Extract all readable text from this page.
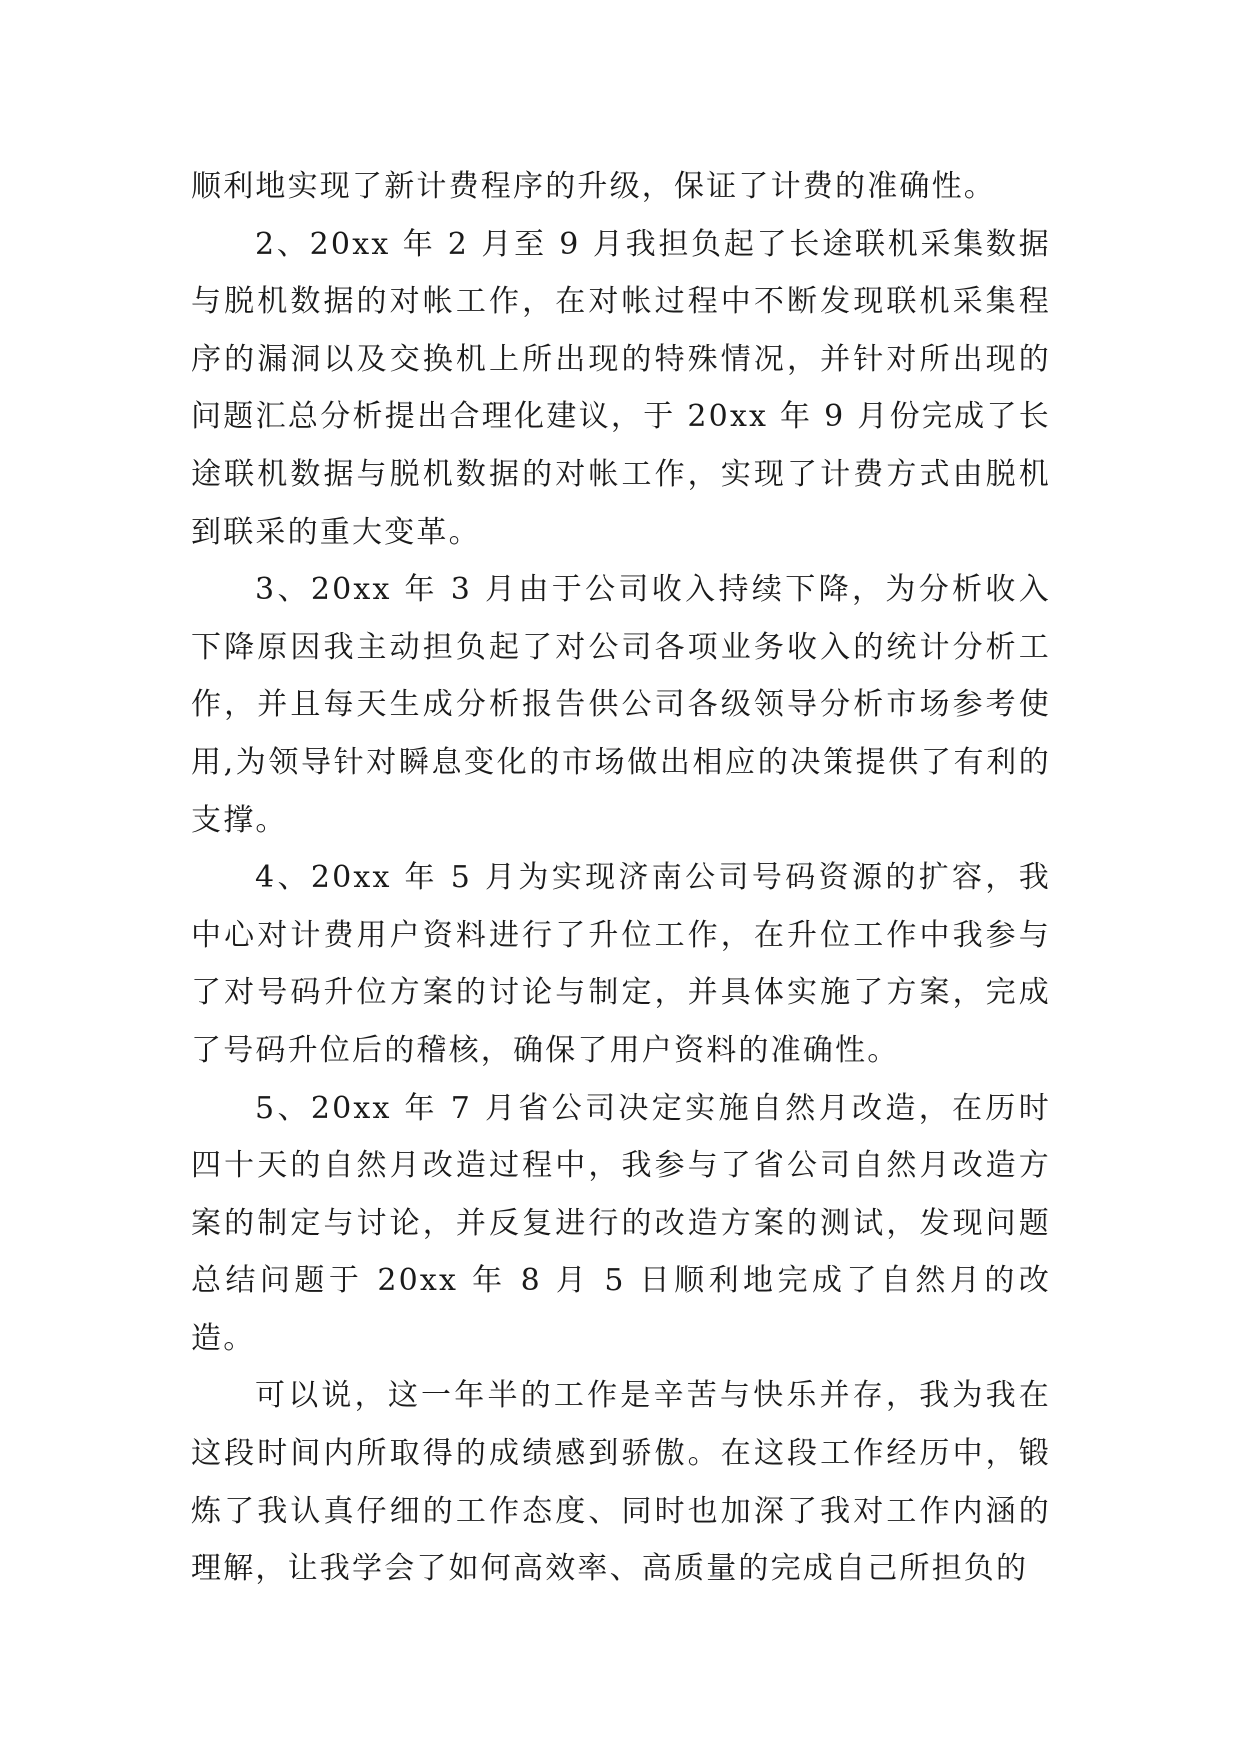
顺利地实现了新计费程序的升级，保证了计费的准确性。

2、20xx 年 2 月至 9 月我担负起了长途联机采集数据与脱机数据的对帐工作，在对帐过程中不断发现联机采集程序的漏洞以及交换机上所出现的特殊情况，并针对所出现的问题汇总分析提出合理化建议，于 20xx 年 9 月份完成了长途联机数据与脱机数据的对帐工作，实现了计费方式由脱机到联采的重大变革。

3、20xx 年 3 月由于公司收入持续下降，为分析收入下降原因我主动担负起了对公司各项业务收入的统计分析工作，并且每天生成分析报告供公司各级领导分析市场参考使用,为领导针对瞬息变化的市场做出相应的决策提供了有利的支撑。

4、20xx 年 5 月为实现济南公司号码资源的扩容，我中心对计费用户资料进行了升位工作，在升位工作中我参与了对号码升位方案的讨论与制定，并具体实施了方案，完成了号码升位后的稽核，确保了用户资料的准确性。

5、20xx 年 7 月省公司决定实施自然月改造，在历时四十天的自然月改造过程中，我参与了省公司自然月改造方案的制定与讨论，并反复进行的改造方案的测试，发现问题总结问题于 20xx 年 8 月 5 日顺利地完成了自然月的改造。

可以说，这一年半的工作是辛苦与快乐并存，我为我在这段时间内所取得的成绩感到骄傲。在这段工作经历中，锻炼了我认真仔细的工作态度、同时也加深了我对工作内涵的理解，让我学会了如何高效率、高质量的完成自己所担负的
